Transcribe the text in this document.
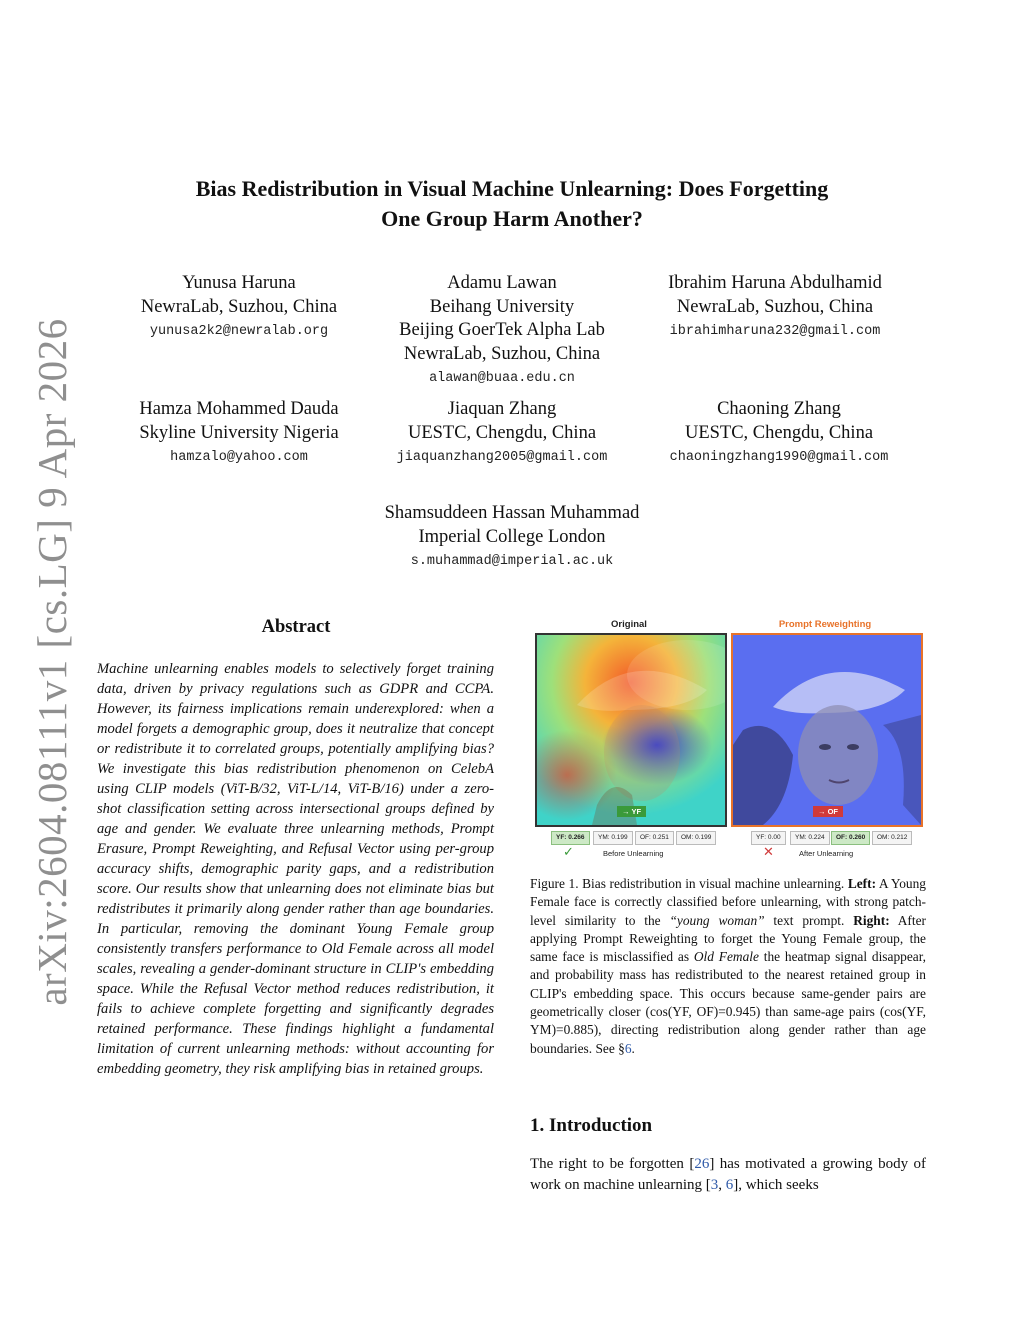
arXiv:2604.08111v1 [cs.LG] 9 Apr 2026
Bias Redistribution in Visual Machine Unlearning: Does Forgetting
One Group Harm Another?
Yunusa Haruna
NewraLab, Suzhou, China
yunusa2k2@newralab.org
Adamu Lawan
Beihang University
Beijing GoerTek Alpha Lab
NewraLab, Suzhou, China
alawan@buaa.edu.cn
Ibrahim Haruna Abdulhamid
NewraLab, Suzhou, China
ibrahimharuna232@gmail.com
Hamza Mohammed Dauda
Skyline University Nigeria
hamzalo@yahoo.com
Jiaquan Zhang
UESTC, Chengdu, China
jiaquanzhang2005@gmail.com
Chaoning Zhang
UESTC, Chengdu, China
chaoningzhang1990@gmail.com
Shamsuddeen Hassan Muhammad
Imperial College London
s.muhammad@imperial.ac.uk
Abstract
Machine unlearning enables models to selectively forget training data, driven by privacy regulations such as GDPR and CCPA. However, its fairness implications remain underexplored: when a model forgets a demographic group, does it neutralize that concept or redistribute it to correlated groups, potentially amplifying bias? We investigate this bias redistribution phenomenon on CelebA using CLIP models (ViT-B/32, ViT-L/14, ViT-B/16) under a zero-shot classification setting across intersectional groups defined by age and gender. We evaluate three unlearning methods, Prompt Erasure, Prompt Reweighting, and Refusal Vector using per-group accuracy shifts, demographic parity gaps, and a redistribution score. Our results show that unlearning does not eliminate bias but redistributes it primarily along gender rather than age boundaries. In particular, removing the dominant Young Female group consistently transfers performance to Old Female across all model scales, revealing a gender-dominant structure in CLIP's embedding space. While the Refusal Vector method reduces redistribution, it fails to achieve complete forgetting and significantly degrades retained performance. These findings highlight a fundamental limitation of current unlearning methods: without accounting for embedding geometry, they risk amplifying bias in retained groups.
Original	Prompt Reweighting
→ YF	→ OF
YF: 0.266	YM: 0.199	OF: 0.251	OM: 0.199	YF: 0.00	YM: 0.224	OF: 0.260	OM: 0.212
✓	Before Unlearning	✕	After Unlearning
Figure 1. Bias redistribution in visual machine unlearning. Left: A Young Female face is correctly classified before unlearning, with strong patch-level similarity to the “young woman” text prompt. Right: After applying Prompt Reweighting to forget the Young Female group, the same face is misclassified as Old Female the heatmap signal disappear, and probability mass has redistributed to the nearest retained group in CLIP's embedding space. This occurs because same-gender pairs are geometrically closer (cos(YF, OF)=0.945) than same-age pairs (cos(YF, YM)=0.885), directing redistribution along gender rather than age boundaries. See §6.
1. Introduction
The right to be forgotten [26] has motivated a growing body of work on machine unlearning [3, 6], which seeks
